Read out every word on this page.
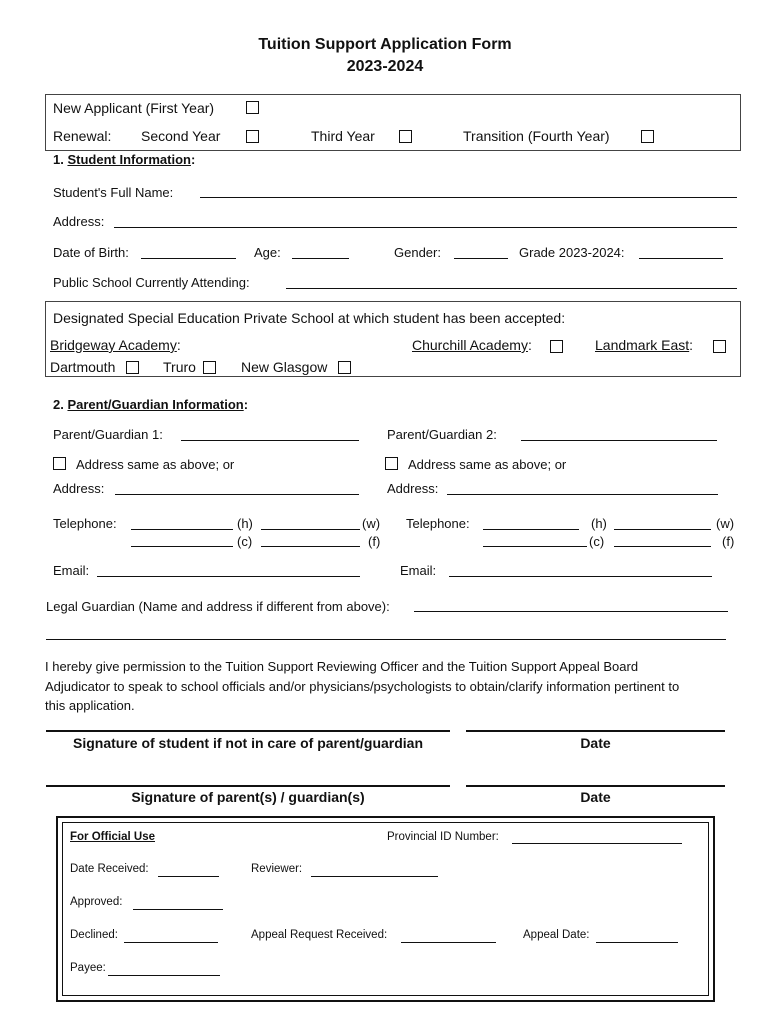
Tuition Support Application Form
2023-2024
New Applicant (First Year)
Renewal: Second Year	Third Year	Transition (Fourth Year)
1. Student Information:
Student's Full Name:
Address:
Date of Birth:	Age:	Gender:	Grade 2023-2024:
Public School Currently Attending:
Designated Special Education Private School at which student has been accepted:
Bridgeway Academy:	Churchill Academy:	Landmark East:
Dartmouth	Truro	New Glasgow
2. Parent/Guardian Information:
Parent/Guardian 1:	Parent/Guardian 2:
Address same as above; or	Address same as above; or
Address:	Address:
Telephone:	(h)	(w)
(c)	(f)
Telephone:	(h)	(w)
(c)	(f)
Email:	Email:
Legal Guardian (Name and address if different from above):
I hereby give permission to the Tuition Support Reviewing Officer and the Tuition Support Appeal Board
Adjudicator to speak to school officials and/or physicians/psychologists to obtain/clarify information pertinent to
this application.
Signature of student if not in care of parent/guardian	Date
Signature of parent(s) / guardian(s)	Date
For Official Use	Provincial ID Number:
Date Received:	Reviewer:
Approved:
Declined:	Appeal Request Received:	Appeal Date:
Payee:
